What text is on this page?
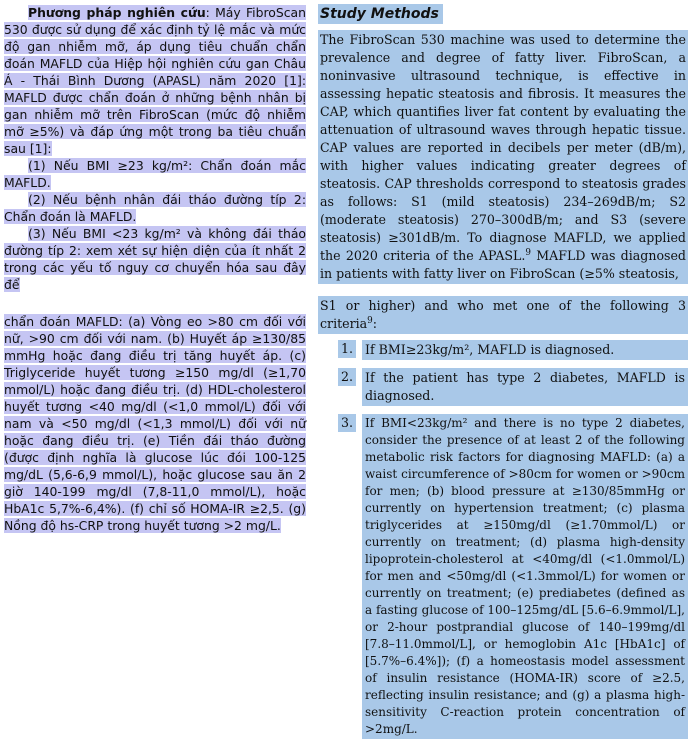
Phương pháp nghiên cứu: Máy FibroScan 530 được sử dụng để xác định tỷ lệ mắc và mức độ gan nhiễm mỡ, áp dụng tiêu chuẩn chẩn đoán MAFLD của Hiệp hội nghiên cứu gan Châu Á - Thái Bình Dương (APASL) năm 2020 [1]: MAFLD được chẩn đoán ở những bệnh nhân bị gan nhiễm mỡ trên FibroScan (mức độ nhiễm mỡ ≥5%) và đáp ứng một trong ba tiêu chuẩn sau [1]:

(1) Nếu BMI ≥23 kg/m²: Chẩn đoán mắc MAFLD.

(2) Nếu bệnh nhân đái tháo đường típ 2: Chẩn đoán là MAFLD.

(3) Nếu BMI <23 kg/m² và không đái tháo đường típ 2: xem xét sự hiện diện của ít nhất 2 trong các yếu tố nguy cơ chuyển hóa sau đây để

chẩn đoán MAFLD: (a) Vòng eo >80 cm đối với nữ, >90 cm đối với nam. (b) Huyết áp ≥130/85 mmHg hoặc đang điều trị tăng huyết áp. (c) Triglyceride huyết tương ≥150 mg/dl (≥1,70 mmol/L) hoặc đang điều trị. (d) HDL-cholesterol huyết tương <40 mg/dl (<1,0 mmol/L) đối với nam và <50 mg/dl (<1,3 mmol/L) đối với nữ hoặc đang điều trị. (e) Tiền đái tháo đường (được định nghĩa là glucose lúc đói 100-125 mg/dL (5,6-6,9 mmol/L), hoặc glucose sau ăn 2 giờ 140-199 mg/dl (7,8-11,0 mmol/L), hoặc HbA1c 5,7%-6,4%). (f) chỉ số HOMA-IR ≥2,5. (g) Nồng độ hs-CRP trong huyết tương >2 mg/L.

Study Methods

The FibroScan 530 machine was used to determine the prevalence and degree of fatty liver. FibroScan, a noninvasive ultrasound technique, is effective in assessing hepatic steatosis and fibrosis. It measures the CAP, which quantifies liver fat content by evaluating the attenuation of ultrasound waves through hepatic tissue. CAP values are reported in decibels per meter (dB/m), with higher values indicating greater degrees of steatosis. CAP thresholds correspond to steatosis grades as follows: S1 (mild steatosis) 234–269dB/m; S2 (moderate steatosis) 270–300dB/m; and S3 (severe steatosis) ≥301dB/m. To diagnose MAFLD, we applied the 2020 criteria of the APASL.$^9$ MAFLD was diagnosed in patients with fatty liver on FibroScan (≥5% steatosis,

S1 or higher) and who met one of the following 3 criteria$^9$:

1. If BMI≥23kg/m², MAFLD is diagnosed.
2. If the patient has type 2 diabetes, MAFLD is diagnosed.
3. If BMI<23kg/m² and there is no type 2 diabetes, consider the presence of at least 2 of the following metabolic risk factors for diagnosing MAFLD: (a) a waist circumference of >80cm for women or >90cm for men; (b) blood pressure at ≥130/85mmHg or currently on hypertension treatment; (c) plasma triglycerides at ≥150mg/dl (≥1.70mmol/L) or currently on treatment; (d) plasma high-density lipoprotein-cholesterol at <40mg/dl (<1.0mmol/L) for men and <50mg/dl (<1.3mmol/L) for women or currently on treatment; (e) prediabetes (defined as a fasting glucose of 100–125mg/dL [5.6–6.9mmol/L], or 2-hour postprandial glucose of 140–199mg/dl [7.8–11.0mmol/L], or hemoglobin A1c [HbA1c] of [5.7%–6.4%]); (f) a homeostasis model assessment of insulin resistance (HOMA-IR) score of ≥2.5, reflecting insulin resistance; and (g) a plasma high-sensitivity C-reaction protein concentration of >2mg/L.
